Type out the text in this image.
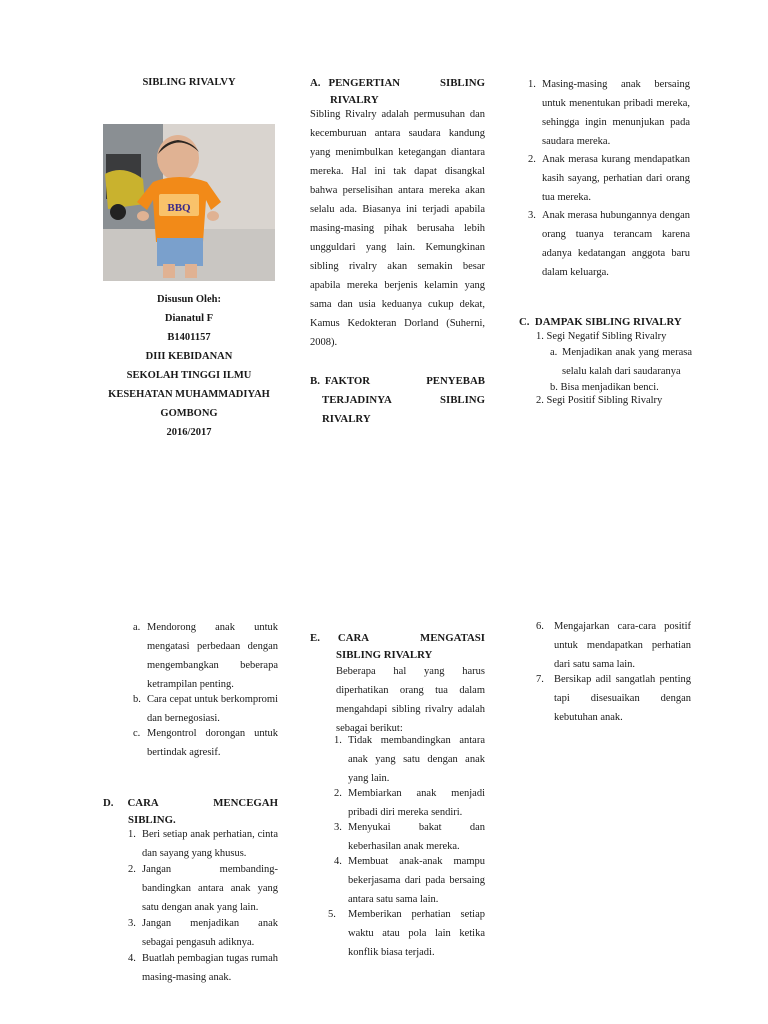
SIBLING RIVALVY
BBQ
Disusun Oleh:
Dianatul F
B1401157
DIII KEBIDANAN
SEKOLAH TINGGI ILMU
KESEHATAN MUHAMMADIYAH
GOMBONG
2016/2017
A. PENGERTIAN	SIBLING
RIVALRY
Sibling Rivalry adalah permusuhan dan kecemburuan antara saudara kandung yang menimbulkan ketegangan diantara mereka. Hal ini tak dapat disangkal bahwa perselisihan antara mereka akan selalu ada. Biasanya ini terjadi apabila masing-masing pihak berusaha lebih ungguldari yang lain. Kemungkinan sibling rivalry akan semakin besar apabila mereka berjenis kelamin yang sama dan usia keduanya cukup dekat, Kamus Kedokteran Dorland (Suherni, 2008).
B. FAKTOR	PENYEBAB
TERJADINYA	SIBLING
RIVALRY
1. Masing-masing anak bersaing untuk menentukan pribadi mereka, sehingga ingin menunjukan pada saudara mereka.
2. Anak merasa kurang mendapatkan kasih sayang, perhatian dari orang tua mereka.
3. Anak merasa hubungannya dengan orang tuanya terancam karena adanya kedatangan anggota baru dalam keluarga.
C. DAMPAK SIBLING RIVALRY
1. Segi Negatif Sibling Rivalry
a. Menjadikan anak yang merasa selalu kalah dari saudaranya
b. Bisa menjadikan benci.
2. Segi Positif Sibling Rivalry
a. Mendorong anak untuk mengatasi perbedaan dengan mengembangkan beberapa ketrampilan penting.
b. Cara cepat untuk berkompromi dan bernegosiasi.
c. Mengontrol dorongan untuk bertindak agresif.
D. CARA	MENCEGAH
SIBLING.
1. Beri setiap anak perhatian, cinta dan sayang yang khusus.
2. Jangan membanding-bandingkan antara anak yang satu dengan anak yang lain.
3. Jangan menjadikan anak sebagai pengasuh adiknya.
4. Buatlah pembagian tugas rumah masing-masing anak.
E. CARA	MENGATASI
SIBLING RIVALRY
Beberapa hal yang harus diperhatikan orang tua dalam mengahdapi sibling rivalry adalah sebagai berikut:
1. Tidak membandingkan antara anak yang satu dengan anak yang lain.
2. Membiarkan anak menjadi pribadi diri mereka sendiri.
3. Menyukai bakat dan keberhasilan anak mereka.
4. Membuat anak-anak mampu bekerjasama dari pada bersaing antara satu sama lain.
5. Memberikan perhatian setiap waktu atau pola lain ketika konflik biasa terjadi.
6. Mengajarkan cara-cara positif untuk mendapatkan perhatian dari satu sama lain.
7. Bersikap adil sangatlah penting tapi disesuaikan dengan kebutuhan anak.
